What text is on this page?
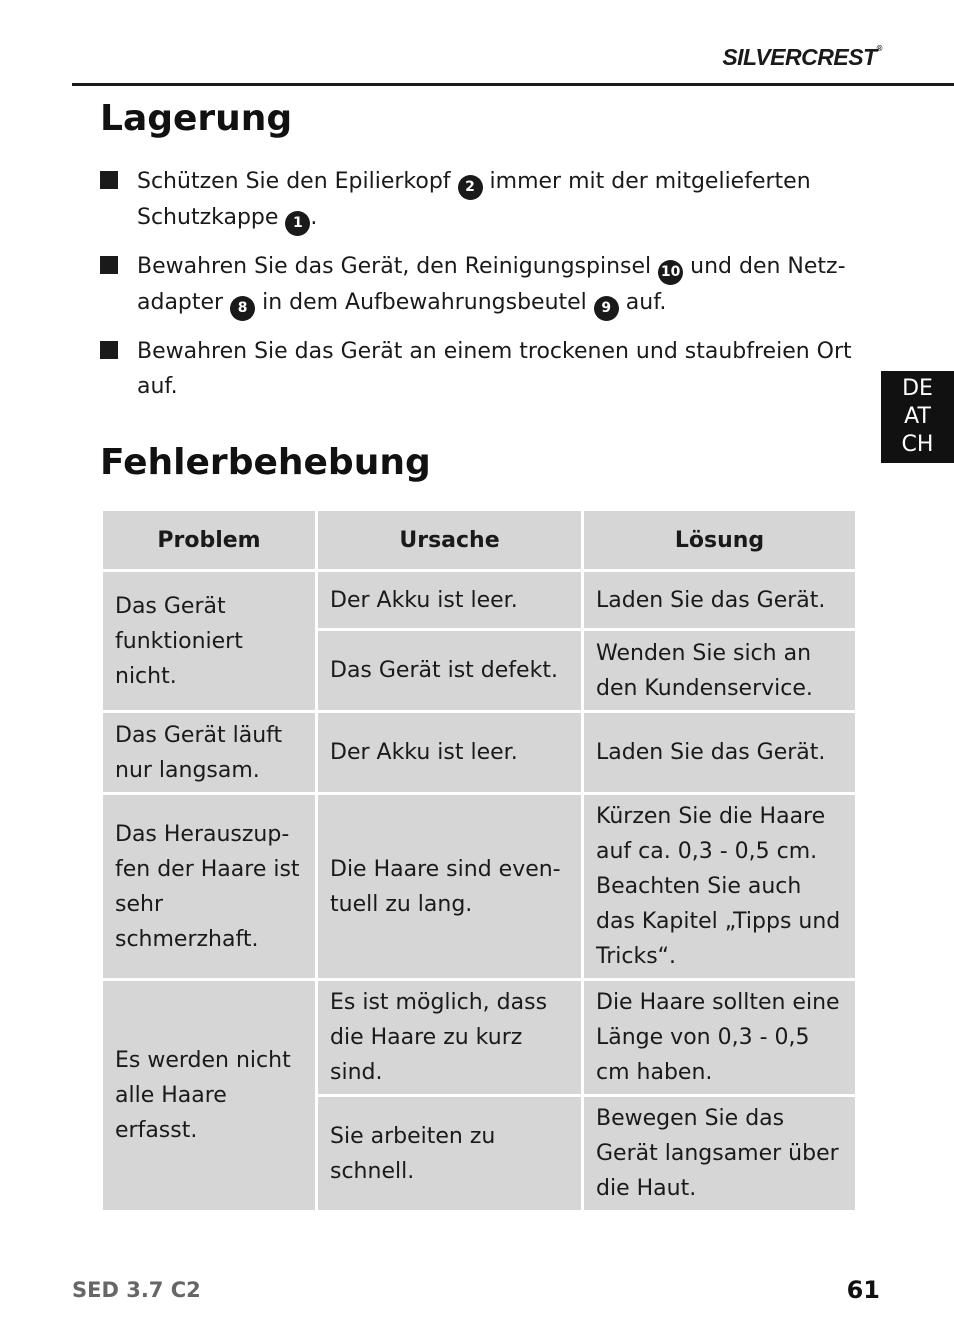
SILVERCREST®
Lagerung
Schützen Sie den Epilierkopf 2 immer mit der mitgelieferten Schutzkappe 1 .
Bewahren Sie das Gerät, den Reinigungspinsel 10 und den Netz-adapter 8 in dem Aufbewahrungsbeutel 9 auf.
Bewahren Sie das Gerät an einem trockenen und staubfreien Ort auf.	DE
AT
CH
Fehlerbehebung
Problem	Ursache	Lösung
Das Gerät funktioniert nicht.	Der Akku ist leer.	Laden Sie das Gerät.
	Das Gerät ist defekt.	Wenden Sie sich an den Kundenservice.
Das Gerät läuft nur langsam.	Der Akku ist leer.	Laden Sie das Gerät.
Das Herauszup-fen der Haare ist sehr schmerzhaft.	Die Haare sind even-tuell zu lang.	Kürzen Sie die Haare auf ca. 0,3 - 0,5 cm. Beachten Sie auch das Kapitel „Tipps und Tricks“.
Es werden nicht alle Haare erfasst.	Es ist möglich, dass die Haare zu kurz sind.	Die Haare sollten eine Länge von 0,3 - 0,5 cm haben.
	Sie arbeiten zu schnell.	Bewegen Sie das Gerät langsamer über die Haut.
SED 3.7 C2	61
